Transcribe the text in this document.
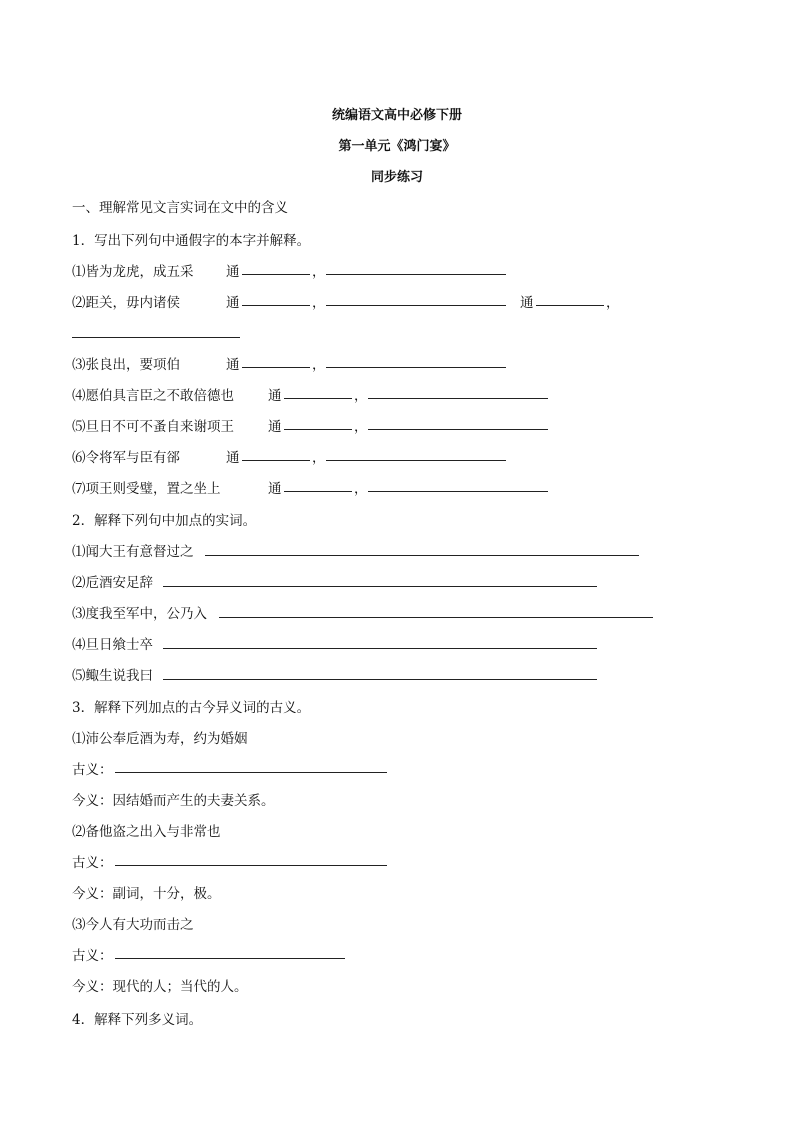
统编语文高中必修下册
第一单元《鸿门宴》
同步练习
一、理解常见文言实词在文中的含义
1．写出下列句中通假字的本字并解释。
⑴皆为龙虎，成五采 通	，
⑵距关，毋内诸侯	通	，	通	，
⑶张良出，要项伯	通	，
⑷愿伯具言臣之不敢倍德也	通	，
⑸旦日不可不蚤自来谢项王	通	，
⑹令将军与臣有郤	通	，
⑺项王则受璧，置之坐上	通	，
2．解释下列句中加点的实词。
⑴闻大王有意督过之
⑵卮酒安足辞
⑶度我至军中，公乃入
⑷旦日飨士卒
⑸鲰生说我曰
3．解释下列加点的古今异义词的古义。
⑴沛公奉卮酒为寿，约为婚姻
古义：
今义：因结婚而产生的夫妻关系。
⑵备他盗之出入与非常也
古义：
今义：副词，十分，极。
⑶今人有大功而击之
古义：
今义：现代的人；当代的人。
4．解释下列多义词。
